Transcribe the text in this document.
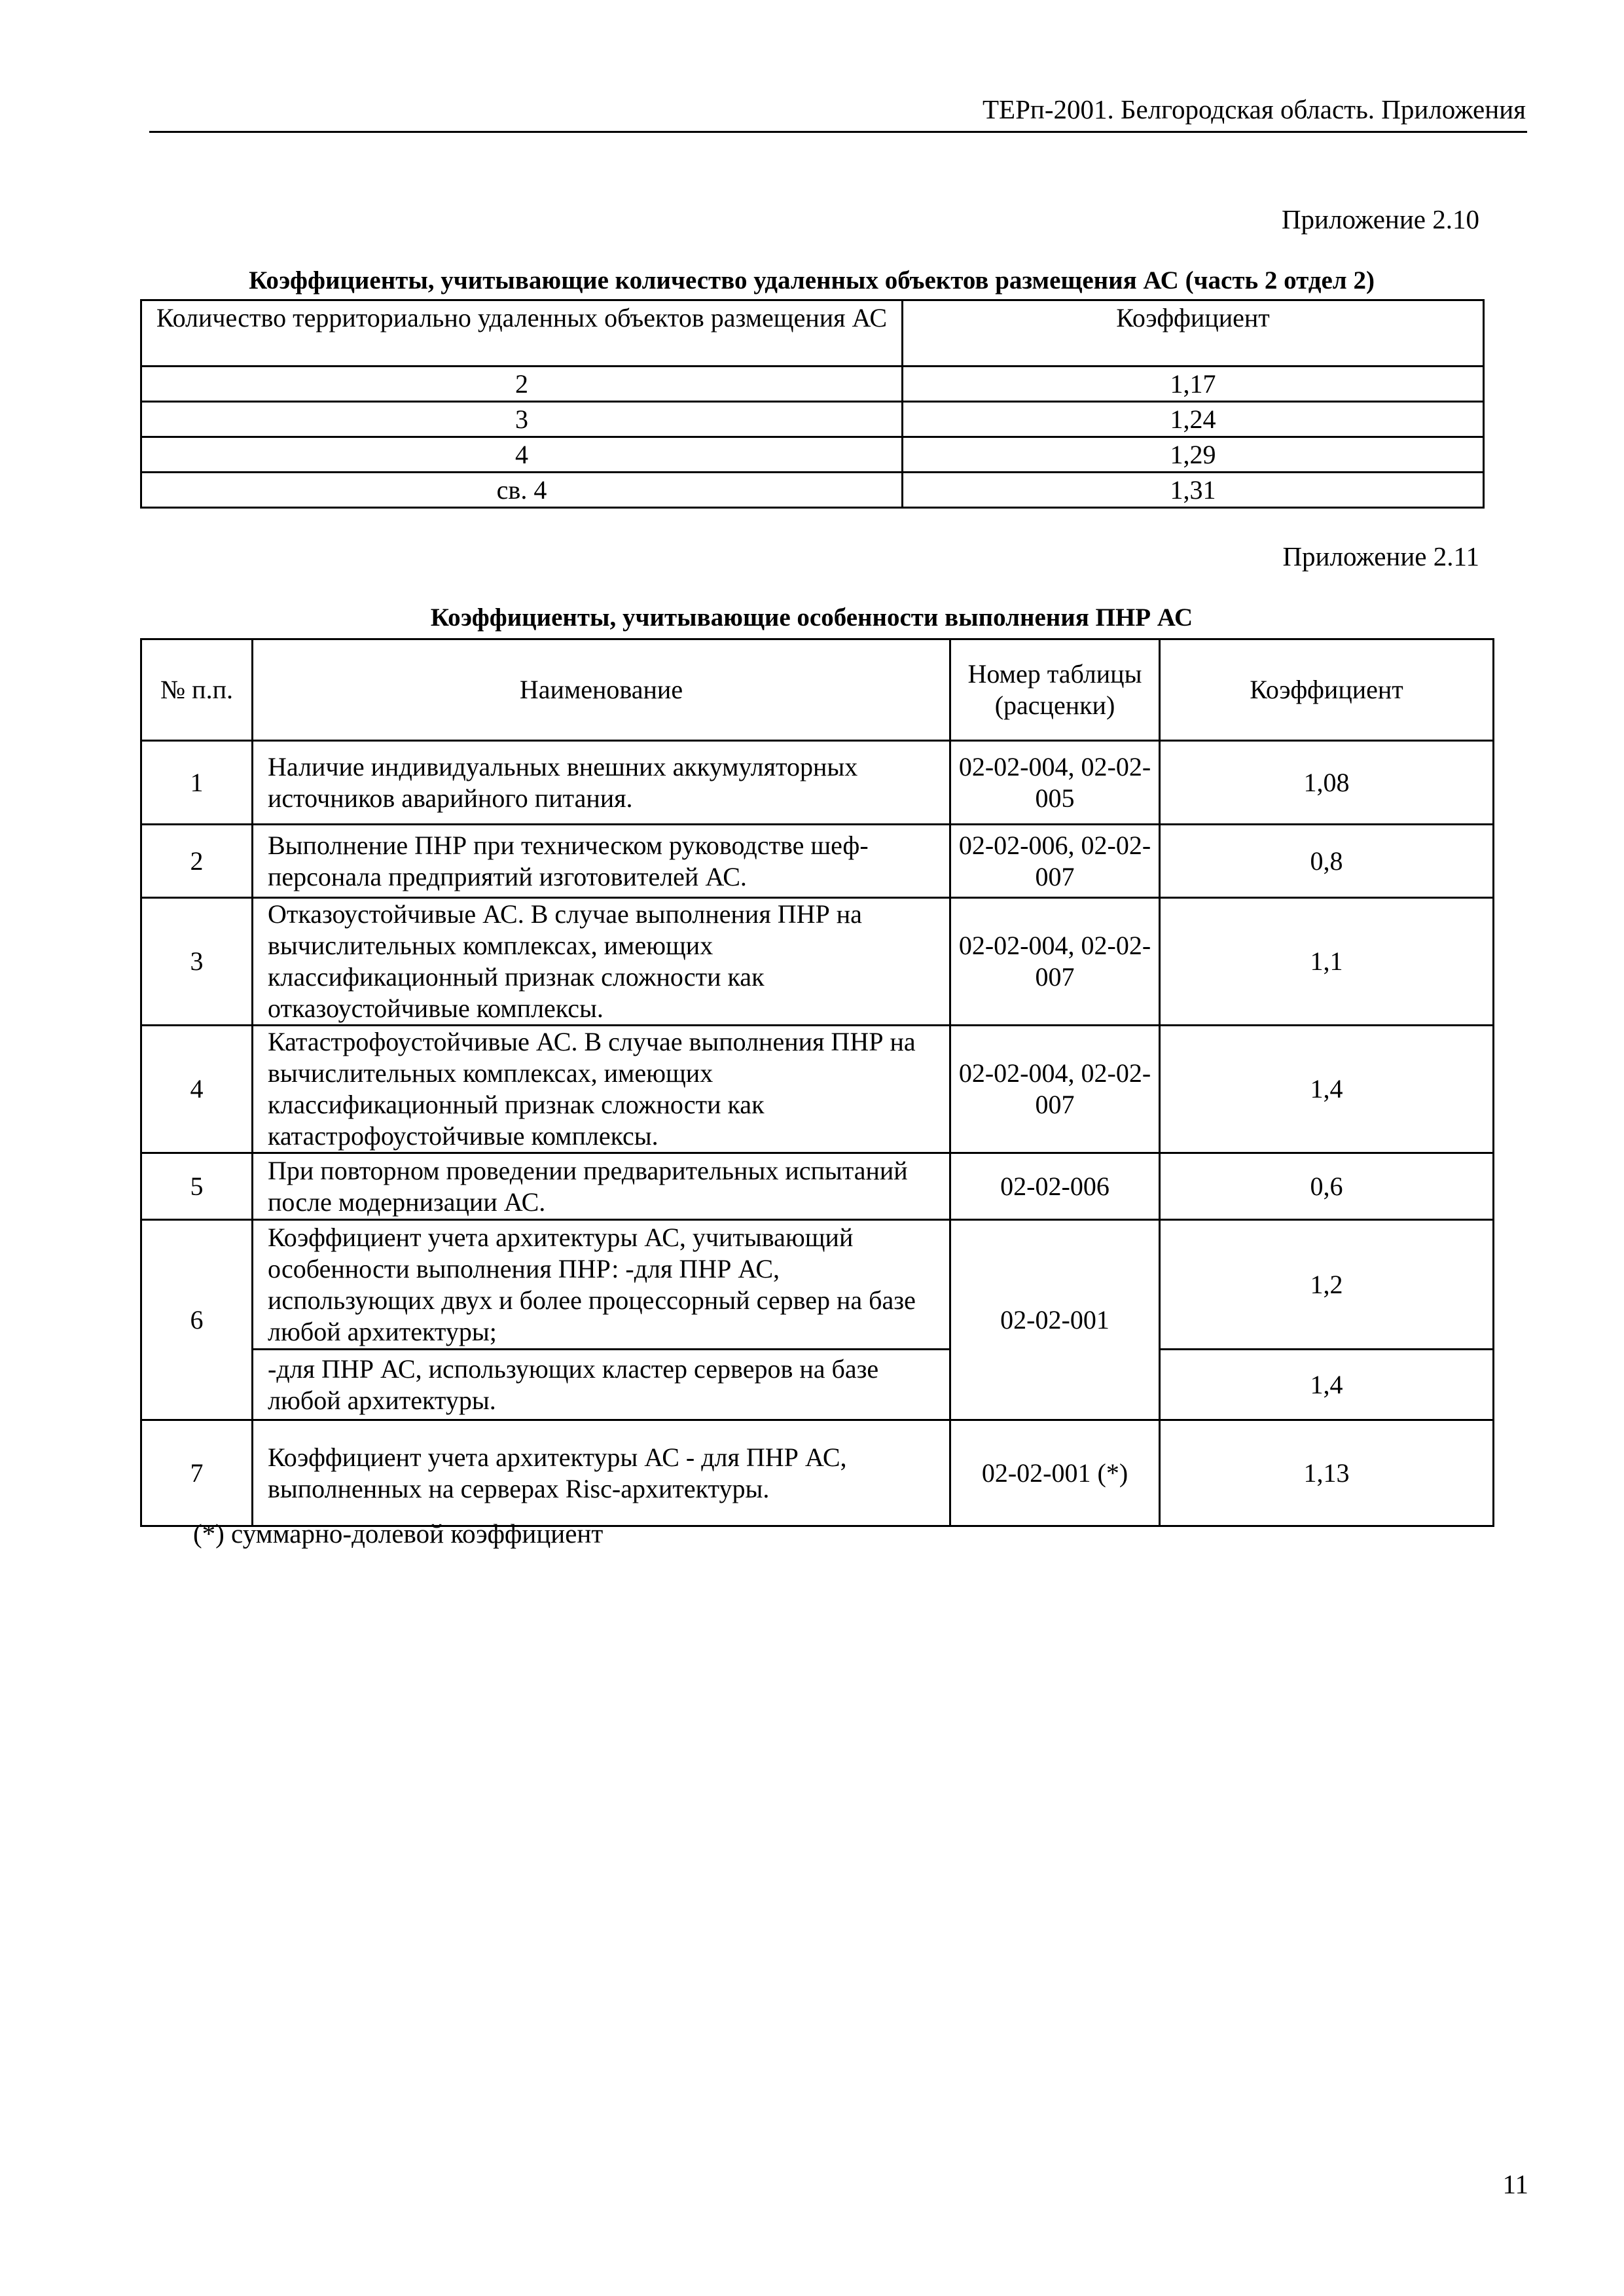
ТЕРп-2001. Белгородская область. Приложения
Приложение 2.10
Коэффициенты, учитывающие количество удаленных объектов размещения АС (часть 2 отдел 2)
Количество территориально удаленных объектов размещения АС	Коэффициент
2	1,17
3	1,24
4	1,29
св. 4	1,31
Приложение 2.11
Коэффициенты, учитывающие особенности выполнения ПНР АС
№ п.п.	Наименование	Номер таблицы (расценки)	Коэффициент
1	Наличие индивидуальных внешних аккумуляторных источников аварийного питания.	02-02-004, 02-02-005	1,08
2	Выполнение ПНР при техническом руководстве шеф-персонала предприятий изготовителей АС.	02-02-006, 02-02-007	0,8
3	Отказоустойчивые АС. В случае выполнения ПНР на вычислительных комплексах, имеющих классификационный признак сложности как отказоустойчивые комплексы.	02-02-004, 02-02-007	1,1
4	Катастрофоустойчивые АС. В случае выполнения ПНР на вычислительных комплексах, имеющих классификационный признак сложности как катастрофоустойчивые комплексы.	02-02-004, 02-02-007	1,4
5	При повторном проведении предварительных испытаний после модернизации АС.	02-02-006	0,6
6	Коэффициент учета архитектуры АС, учитывающий особенности выполнения ПНР: -для ПНР АС, использующих двух и более процессорный сервер на базе любой архитектуры;	02-02-001	1,2
	-для ПНР АС, использующих кластер серверов на базе любой архитектуры.		1,4
7	Коэффициент учета архитектуры АС - для ПНР АС, выполненных на серверах Risc-архитектуры.	02-02-001 (*)	1,13
(*) суммарно-долевой коэффициент
11
